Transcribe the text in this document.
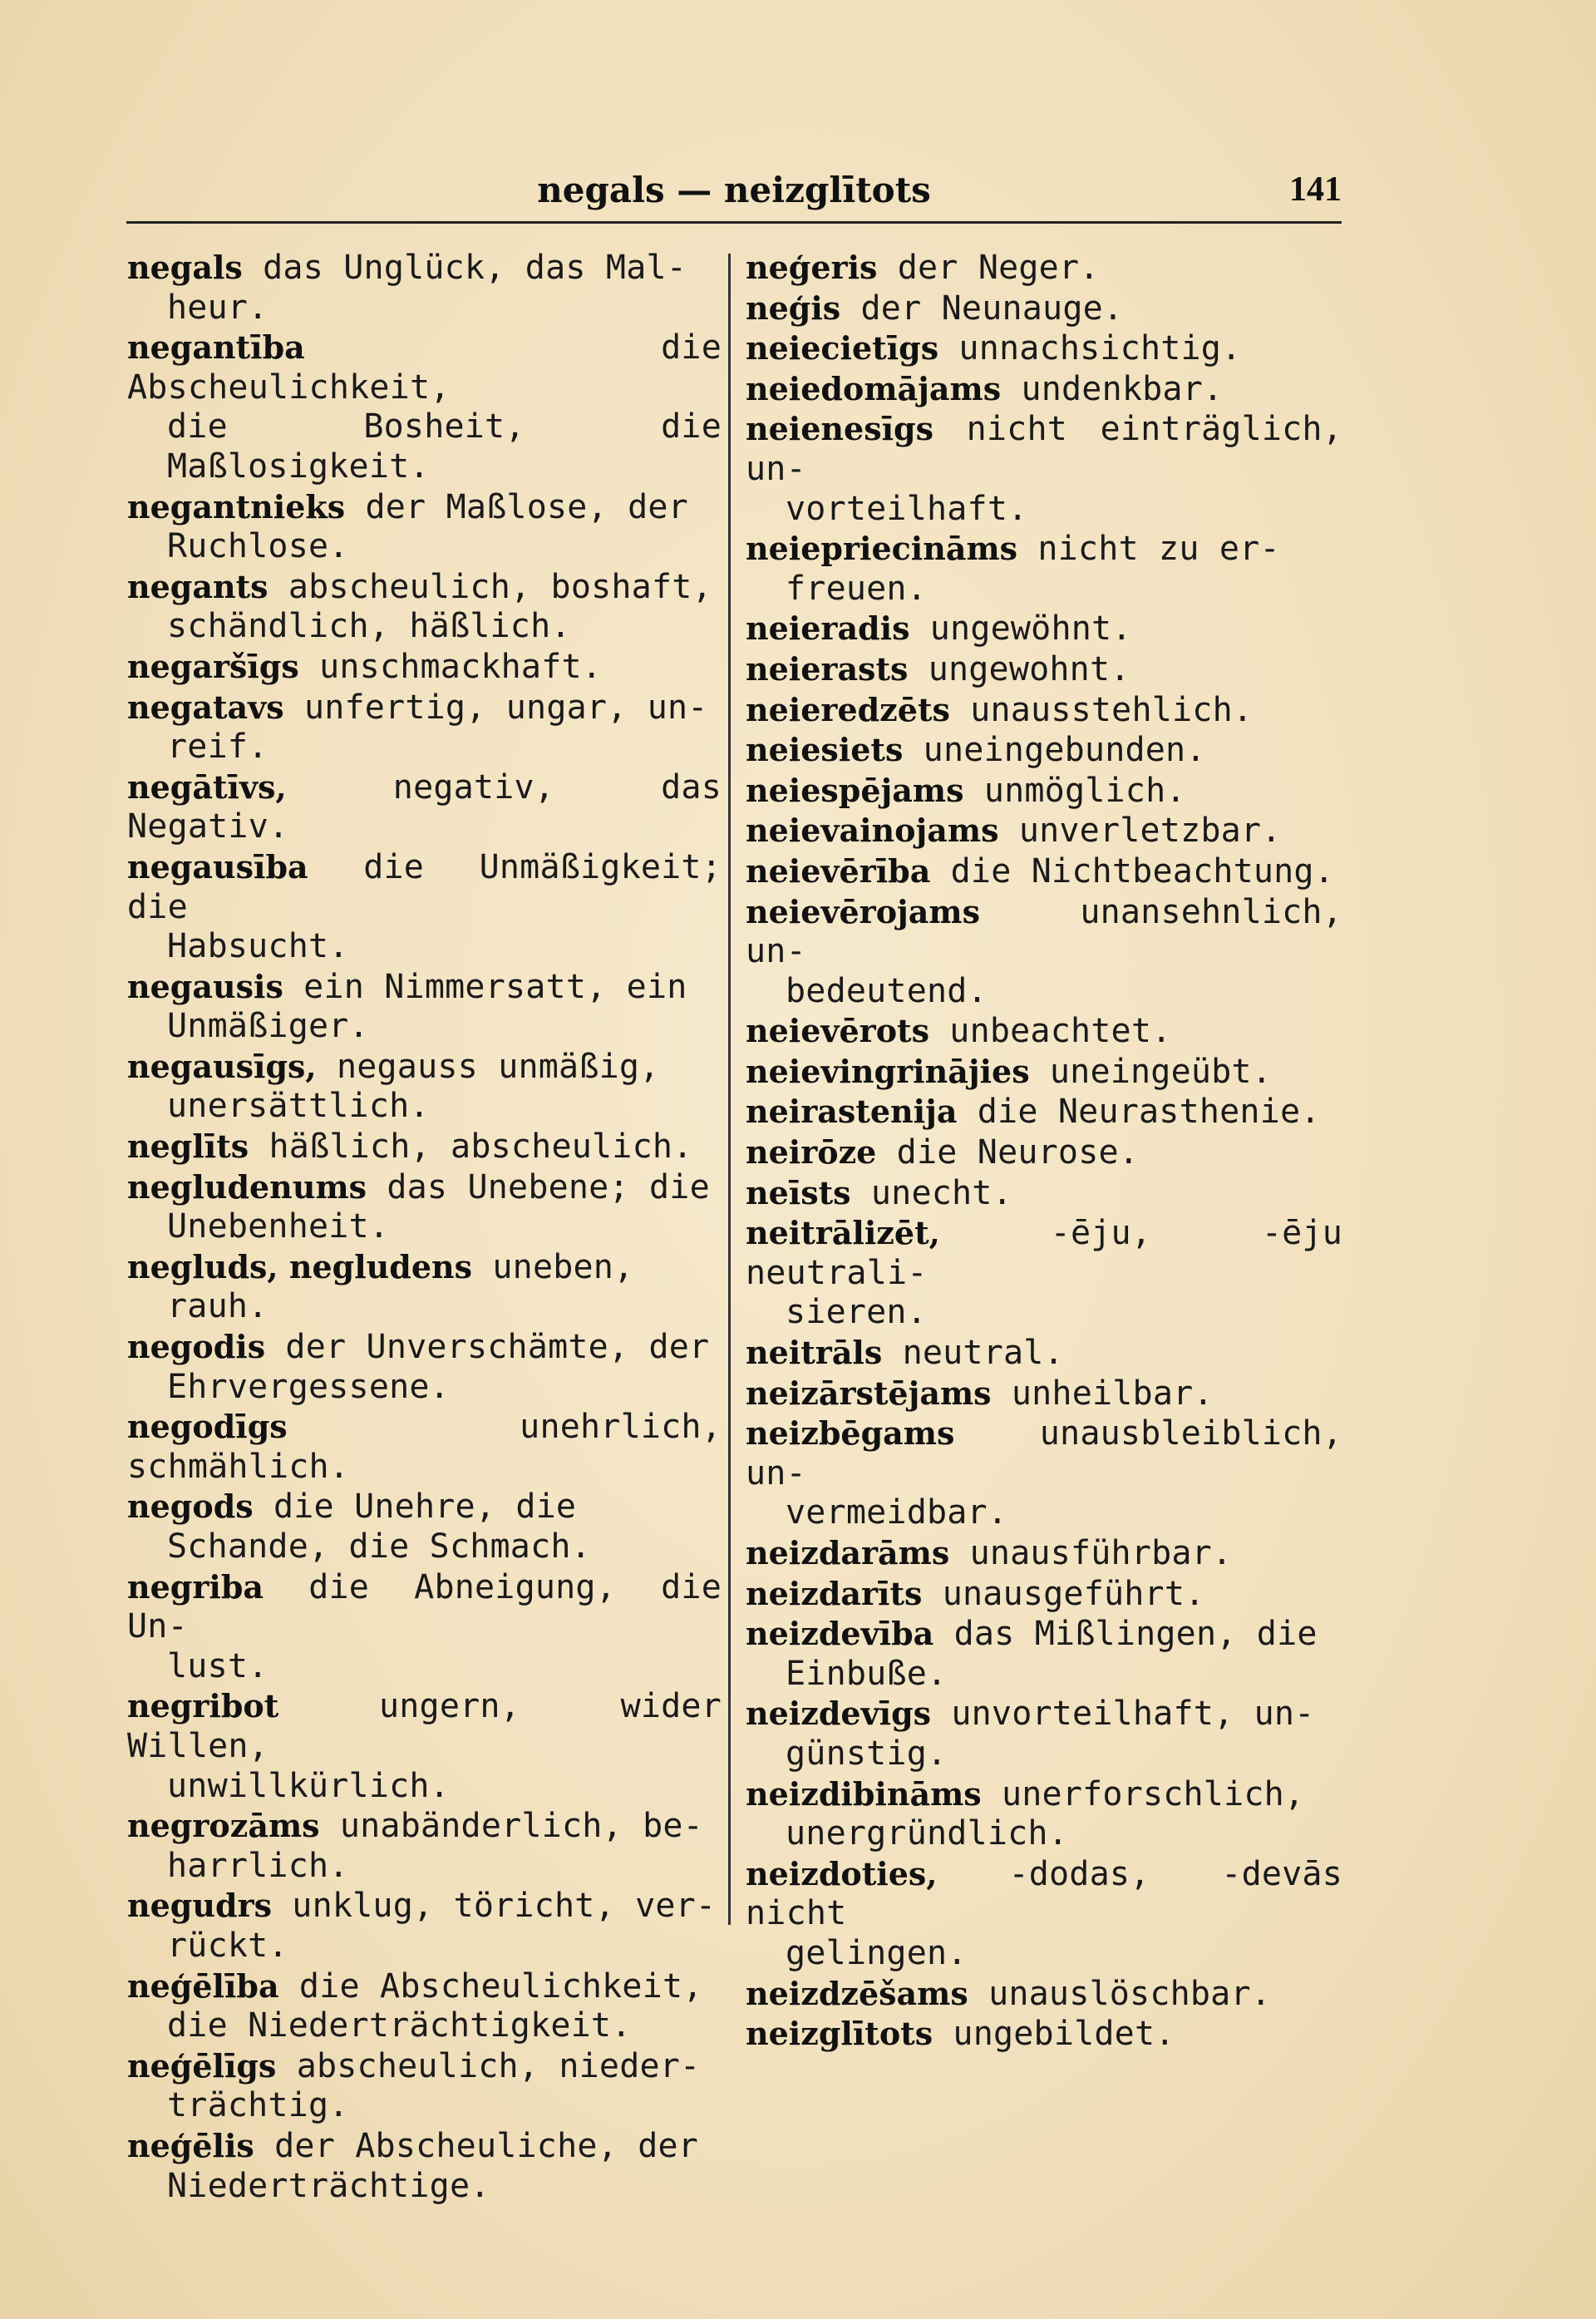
negals — neizglītots	141
negals das Unglück, das Mal-
heur.
negantība	die Abscheulichkeit,
die Bosheit, die Maßlosigkeit.
negantnieks der Maßlose, der
Ruchlose.
negants abscheulich, boshaft,
schändlich, häßlich.
negaršīgs unschmackhaft.
negatavs unfertig, ungar, un-
reif.
negātīvs,	negativ, das Negativ.
negausība die Unmäßigkeit; die
Habsucht.
negausis ein Nimmersatt, ein
Unmäßiger.
negausīgs, negauss unmäßig,
unersättlich.
neglīts häßlich, abscheulich.
negludenums das Unebene; die
Unebenheit.
negluds, negludens uneben,
rauh.
negodis der Unverschämte, der
Ehrvergessene.
negodīgs	unehrlich, schmählich.
negods die Unehre, die
Schande, die Schmach.
negriba die Abneigung, die Un-
lust.
negribot	ungern, wider Willen,
unwillkürlich.
negrozāms unabänderlich, be-
harrlich.
negudrs unklug, töricht, ver-
rückt.
neģēlība die Abscheulichkeit,
die Niederträchtigkeit.
neģēlīgs abscheulich, nieder-
trächtig.
neģēlis der Abscheuliche, der
Niederträchtige.
neģeris der Neger.
neģis der Neunauge.
neiecietīgs unnachsichtig.
neiedomājams undenkbar.
neienesīgs nicht einträglich, un-
vorteilhaft.
neiepriecināms nicht zu er-
freuen.
neieradis ungewöhnt.
neierasts ungewohnt.
neieredzēts unausstehlich.
neiesiets uneingebunden.
neiespējams unmöglich.
neievainojams unverletzbar.
neievērība die Nichtbeachtung.
neievērojams	unansehnlich, un-
bedeutend.
neievērots unbeachtet.
neievingrinājies uneingeübt.
neirastenija die Neurasthenie.
neirōze die Neurose.
neīsts unecht.
neitrālizēt,	-ēju, -ēju neutrali-
sieren.
neitrāls neutral.
neizārstējams unheilbar.
neizbēgams	unausbleiblich, un-
vermeidbar.
neizdarāms unausführbar.
neizdarīts unausgeführt.
neizdevība das Mißlingen, die
Einbuße.
neizdevīgs unvorteilhaft, un-
günstig.
neizdibināms unerforschlich,
unergründlich.
neizdoties, -dodas, -devās nicht
gelingen.
neizdzēšams unauslöschbar.
neizglītots ungebildet.
